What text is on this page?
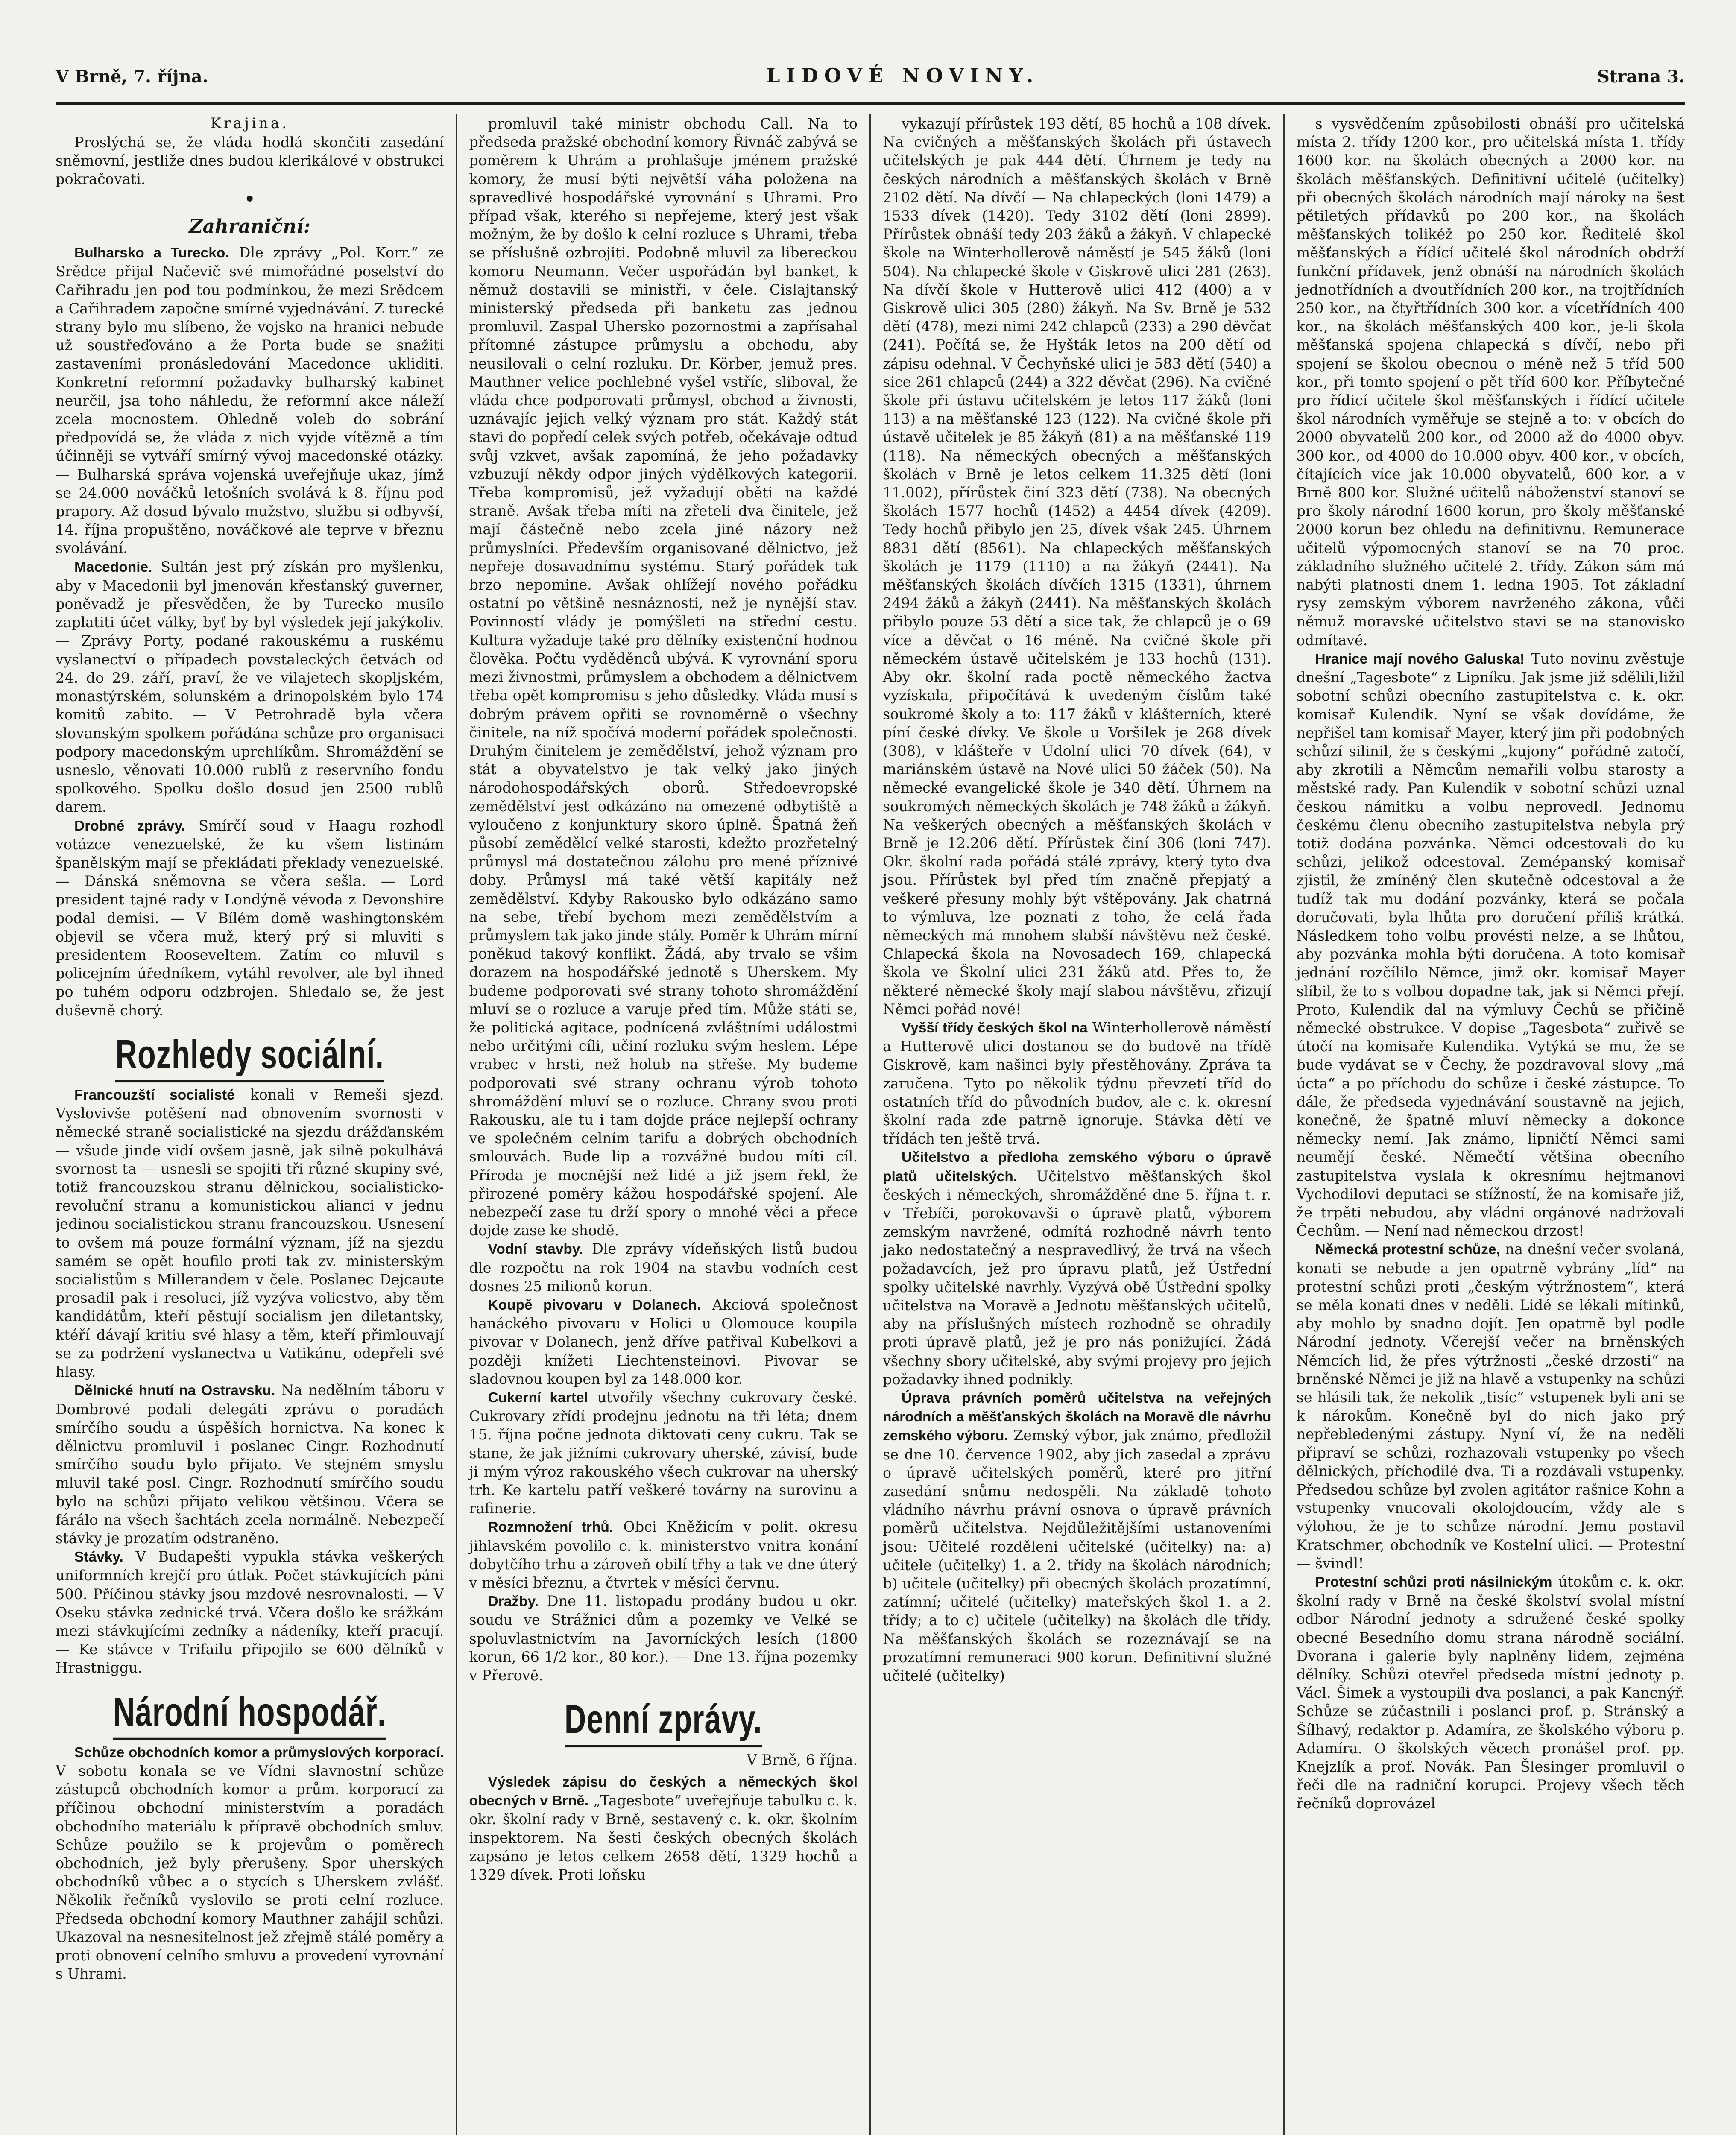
V Brně, 7. října.	LIDOVÉ NOVINY.	Strana 3.

Krajina.

Proslýchá se, že vláda hodlá skončiti zasedání sněmovní, jestliže dnes budou klerikálové v obstrukci pokračovati.

•

Zahraniční:

Bulharsko a Turecko. Dle zprávy „Pol. Korr.“ ze Srědce přijal Načevič své mimořádné poselství do Cařihradu jen pod tou podmínkou, že mezi Srědcem a Cařihradem započne smírné vyjednávání. Z turecké strany bylo mu slíbeno, že vojsko na hranici nebude už soustřeďováno a že Porta bude se snažiti zastaveními pronásledování Macedonce ukliditi. Konkretní reformní požadavky bulharský kabinet neurčil, jsa toho náhledu, že reformní akce náleží zcela mocnostem. Ohledně voleb do sobrání předpovídá se, že vláda z nich vyjde vítězně a tím účinněji se vytváří smírný vývoj macedonské otázky. — Bulharská správa vojenská uveřejňuje ukaz, jímž se 24.000 nováčků letošních svolává k 8. říjnu pod prapory. Až dosud bývalo mužstvo, službu si odbyvší, 14. října propuštěno, nováčkové ale teprve v březnu svolávání.

Macedonie. Sultán jest prý získán pro myšlenku, aby v Macedonii byl jmenován křesťanský guverner, poněvadž je přesvědčen, že by Turecko musilo zaplatiti účet války, byť by byl výsledek její jakýkoliv. — Zprávy Porty, podané rakouskému a ruskému vyslanectví o případech povstaleckých četvách od 24. do 29. září, praví, že ve vilajetech skopljském, monastýrském, solunském a drinopolském bylo 174 komitů zabito. — V Petrohradě byla včera slovanským spolkem pořádána schůze pro organisaci podpory macedonským uprchlíkům. Shromáždění se usneslo, věnovati 10.000 rublů z reservního fondu spolkového. Spolku došlo dosud jen 2500 rublů darem.

Drobné zprávy. Smírčí soud v Haagu rozhodl votázce venezuelské, že ku všem listinám španělským mají se překládati překlady venezuelské. — Dánská sněmovna se včera sešla. — Lord president tajné rady v Londýně vévoda z Devonshire podal demisi. — V Bílém domě washingtonském objevil se včera muž, který prý si mluviti s presidentem Rooseveltem. Zatím co mluvil s policejním úředníkem, vytáhl revolver, ale byl ihned po tuhém odporu odzbrojen. Shledalo se, že jest duševně chorý.

Rozhledy sociální.

Francouzští socialisté konali v Remeši sjezd. Vyslovivše potěšení nad obnovením svornosti v německé straně socialistické na sjezdu drážďanském — všude jinde vidí ovšem jasně, jak silně pokulhává svornost ta — usnesli se spojiti tři různé skupiny své, totiž francouzskou stranu dělnickou, socialisticko-revoluční stranu a komunistickou alianci v jednu jedinou socialistickou stranu francouzskou. Usnesení to ovšem má pouze formální význam, jíž na sjezdu samém se opět houfilo proti tak zv. ministerským socialistům s Millerandem v čele. Poslanec Dejcaute prosadil pak i resoluci, jíž vyzýva volicstvo, aby těm kandidátům, kteří pěstují socialism jen diletantsky, ktéří dávají kritiu své hlasy a těm, kteří přimlouvají se za podržení vyslanectva u Vatikánu, odepřeli své hlasy.

Dělnické hnutí na Ostravsku. Na nedělním táboru v Dombrové podali delegáti zprávu o poradách smírčího soudu a úspěších hornictva. Na konec k dělnictvu promluvil i poslanec Cingr. Rozhodnutí smírčího soudu bylo přijato. Ve stejném smyslu mluvil také posl. Cingr. Rozhodnutí smírčího soudu bylo na schůzi přijato velikou většinou. Včera se fárálo na všech šachtách zcela normálně. Nebezpečí stávky je prozatím odstraněno.

Stávky. V Budapešti vypukla stávka veškerých uniformních krejčí pro útlak. Počet stávkujících páni 500. Příčinou stávky jsou mzdové nesrovnalosti. — V Oseku stávka zednické trvá. Včera došlo ke srážkám mezi stávkujícími zedníky a nádeníky, kteří pracují. — Ke stávce v Trifailu připojilo se 600 dělníků v Hrastniggu.

Národní hospodář.

Schůze obchodních komor a průmyslových korporací. V sobotu konala se ve Vídni slavnostní schůze zástupců obchodních komor a prům. korporací za příčinou obchodní ministerstvím a poradách obchodního materiálu k přípravě obchodních smluv. Schůze použilo se k projevům o poměrech obchodních, jež byly přerušeny. Spor uherských obchodníků vůbec a o stycích s Uherskem zvlášť. Několik řečníků vyslovilo se proti celní rozluce. Předseda obchodní komory Mauthner zahájil schůzi. Ukazoval na nesnesitelnost jež zřejmě stálé poměry a proti obnovení celního smluvu a provedení vyrovnání s Uhrami.

promluvil také ministr obchodu Call. Na to předseda pražské obchodní komory Řivnáč zabývá se poměrem k Uhrám a prohlašuje jménem pražské komory, že musí býti největší váha položena na spravedlivé hospodářské vyrovnání s Uhrami. Pro případ však, kterého si nepřejeme, který jest však možným, že by došlo k celní rozluce s Uhrami, třeba se příslušně ozbrojiti. Podobně mluvil za libereckou komoru Neumann. Večer uspořádán byl banket, k němuž dostavili se ministři, v čele. Cislajtanský ministerský předseda při banketu zas jednou promluvil. Zaspal Uhersko pozornostmi a zapřísahal přítomné zástupce průmyslu a obchodu, aby neusilovali o celní rozluku. Dr. Körber, jemuž pres. Mauthner velice pochlebné vyšel vstříc, sliboval, že vláda chce podporovati průmysl, obchod a živnosti, uznávajíc jejich velký význam pro stát. Každý stát stavi do popředí celek svých potřeb, očekávaje odtud svůj vzkvet, avšak zapomíná, že jeho požadavky vzbuzují někdy odpor jiných výdělkových kategorií. Třeba kompromisů, jež vyžadují oběti na každé straně. Avšak třeba míti na zřeteli dva činitele, jež mají částečně nebo zcela jiné názory než průmyslníci. Především organisované dělnictvo, jež nepřeje dosavadnímu systému. Starý pořádek tak brzo nepomine. Avšak ohlížejí nového pořádku ostatní po většině nesnáznosti, než je nynější stav. Povinností vlády je pomýšleti na střední cestu. Kultura vyžaduje také pro dělníky existenční hodnou člověka. Počtu vyděděnců ubývá. K vyrovnání sporu mezi živnostmi, průmyslem a obchodem a dělnictvem třeba opět kompromisu s jeho důsledky. Vláda musí s dobrým právem opřiti se rovnoměrně o všechny činitele, na níž spočívá moderní pořádek společnosti. Druhým činitelem je zemědělství, jehož význam pro stát a obyvatelstvo je tak velký jako jiných národohospodářských oborů. Středoevropské zemědělství jest odkázáno na omezené odbytiště a vyloučeno z konjunktury skoro úplně. Špatná žeň působí zemědělcí velké starosti, kdežto prozřetelný průmysl má dostatečnou zálohu pro mené příznivé doby. Průmysl má také větší kapitály než zemědělství. Kdyby Rakousko bylo odkázáno samo na sebe, třebí bychom mezi zemědělstvím a průmyslem tak jako jinde stály. Poměr k Uhrám mírní poněkud takový konflikt. Žádá, aby trvalo se všim dorazem na hospodářské jednotě s Uherskem. My budeme podporovati své strany tohoto shromáždění mluví se o rozluce a varuje před tím. Může státi se, že politická agitace, podnícená zvláštními událostmi nebo určitými cíli, učiní rozluku svým heslem. Lépe vrabec v hrsti, než holub na střeše. My budeme podporovati své strany ochranu výrob tohoto shromáždění mluví se o rozluce. Chrany svou proti Rakousku, ale tu i tam dojde práce nejlepší ochrany ve společném celním tarifu a dobrých obchodních smlouvách. Bude lip a rozvážné budou míti cíl. Příroda je mocnější než lidé a již jsem řekl, že přirozené poměry kážou hospodářské spojení. Ale nebezpečí zase tu drží spory o mnohé věci a přece dojde zase ke shodě.

Vodní stavby. Dle zprávy vídeňských listů budou dle rozpočtu na rok 1904 na stavbu vodních cest dosnes 25 milionů korun.

Koupě pivovaru v Dolanech. Akciová společnost hanáckého pivovaru v Holici u Olomouce koupila pivovar v Dolanech, jenž dříve patřival Kubelkovi a později knížeti Liechtensteinovi. Pivovar se sladovnou koupen byl za 148.000 kor.

Cukerní kartel utvořily všechny cukrovary české. Cukrovary zřídí prodejnu jednotu na tři léta; dnem 15. října počne jednota diktovati ceny cukru. Tak se stane, že jak jižními cukrovary uherské, závisí, bude ji mým výroz rakouského všech cukrovar na uherský trh. Ke kartelu patří veškeré továrny na surovinu a rafinerie.

Rozmnožení trhů. Obci Kněžicím v polit. okresu jihlavském povolilo c. k. ministerstvo vnitra konání dobytčího trhu a zároveň obilí třhy a tak ve dne úterý v měsíci březnu, a čtvrtek v měsíci červnu.

Dražby. Dne 11. listopadu prodány budou u okr. soudu ve Strážnici dům a pozemky ve Velké se spoluvlastnictvím na Javorníckých lesích (1800 korun, 66 1/2 kor., 80 kor.). — Dne 13. října pozemky v Přerově.

Denní zprávy.

V Brně, 6 října.

Výsledek zápisu do českých a německých škol obecných v Brně. „Tagesbote“ uveřejňuje tabulku c. k. okr. školní rady v Brně, sestavený c. k. okr. školním inspektorem. Na šesti českých obecných školách zapsáno je letos celkem 2658 dětí, 1329 hochů a 1329 dívek. Proti loňsku

vykazují přírůstek 193 dětí, 85 hochů a 108 dívek. Na cvičných a měšťanských školách při ústavech učitelských je pak 444 dětí. Úhrnem je tedy na českých národních a měšťanských školách v Brně 2102 dětí. Na dívčí — Na chlapeckých (loni 1479) a 1533 dívek (1420). Tedy 3102 dětí (loni 2899). Přírůstek obnáší tedy 203 žáků a žákyň. V chlapecké škole na Winterhollerově náměstí je 545 žáků (loni 504). Na chlapecké škole v Giskrově ulici 281 (263). Na dívčí škole v Hutterově ulici 412 (400) a v Giskrově ulici 305 (280) žákyň. Na Sv. Brně je 532 dětí (478), mezi nimi 242 chlapců (233) a 290 děvčat (241). Počítá se, že Hyšták letos na 200 dětí od zápisu odehnal. V Čechyňské ulici je 583 dětí (540) a sice 261 chlapců (244) a 322 děvčat (296). Na cvičné škole při ústavu učitelském je letos 117 žáků (loni 113) a na měšťanské 123 (122). Na cvičné škole při ústavě učitelek je 85 žákyň (81) a na měšťanské 119 (118). Na německých obecných a měšťanských školách v Brně je letos celkem 11.325 dětí (loni 11.002), přírůstek činí 323 dětí (738). Na obecných školách 1577 hochů (1452) a 4454 dívek (4209). Tedy hochů přibylo jen 25, dívek však 245. Úhrnem 8831 dětí (8561). Na chlapeckých měšťanských školách je 1179 (1110) a na žákyň (2441). Na měšťanských školách dívčích 1315 (1331), úhrnem 2494 žáků a žákyň (2441). Na měšťanských školách přibylo pouze 53 dětí a sice tak, že chlapců je o 69 více a děvčat o 16 méně. Na cvičné škole při německém ústavě učitelském je 133 hochů (131). Aby okr. školní rada poctě německého žactva vyzískala, připočítává k uvedeným číslům také soukromé školy a to: 117 žáků v klášterních, které píní české dívky. Ve škole u Voršilek je 268 dívek (308), v klášteře v Údolní ulici 70 dívek (64), v mariánském ústavě na Nové ulici 50 žáček (50). Na německé evangelické škole je 340 dětí. Úhrnem na soukromých německých školách je 748 žáků a žákyň. Na veškerých obecných a měšťanských školách v Brně je 12.206 dětí. Přírůstek činí 306 (loni 747). Okr. školní rada pořádá stálé zprávy, který tyto dva jsou. Přírůstek byl před tím značně přepjatý a veškeré přesuny mohly být vštěpovány. Jak chatrná to výmluva, lze poznati z toho, že celá řada německých má mnohem slabší návštěvu než české. Chlapecká škola na Novosadech 169, chlapecká škola ve Školní ulici 231 žáků atd. Přes to, že některé německé školy mají slabou návštěvu, zřizují Němci pořád nové!

Vyšší třídy českých škol na Winterhollerově náměstí a Hutterově ulici dostanou se do budově na třídě Giskrově, kam našinci byly přestěhovány. Zpráva ta zaručena. Tyto po několik týdnu převzetí tříd do ostatních tříd do původních budov, ale c. k. okresní školní rada zde patrně ignoruje. Stávka dětí ve třídách ten ještě trvá.

Učitelstvo a předloha zemského výboru o úpravě platů učitelských. Učitelstvo měšťanských škol českých i německých, shromážděné dne 5. října t. r. v Třebíči, porokovavši o úpravě platů, výborem zemským navržené, odmítá rozhodně návrh tento jako nedostatečný a nespravedlivý, že trvá na všech požadavcích, jež pro úpravu platů, jež Ústřední spolky učitelské navrhly. Vyzývá obě Ústřední spolky učitelstva na Moravě a Jednotu měšťanských učitelů, aby na příslušných místech rozhodně se ohradily proti úpravě platů, jež je pro nás ponižující. Žádá všechny sbory učitelské, aby svými projevy pro jejich požadavky ihned podnikly.

Úprava právních poměrů učitelstva na veřejných národních a měšťanských školách na Moravě dle návrhu zemského výboru. Zemský výbor, jak známo, předložil se dne 10. července 1902, aby jich zasedal a zprávu o úpravě učitelských poměrů, které pro jitřní zasedání snůmu nedospěli. Na základě tohoto vládního návrhu právní osnova o úpravě právních poměrů učitelstva. Nejdůležitějšími ustanoveními jsou: Učitelé rozděleni učitelské (učitelky) na: a) učitele (učitelky) 1. a 2. třídy na školách národních; b) učitele (učitelky) při obecných školách prozatímní, zatímní; učitelé (učitelky) mateřských škol 1. a 2. třídy; a to c) učitele (učitelky) na školách dle třídy. Na měšťanských školách se rozeznávají se na prozatímní remuneraci 900 korun. Definitivní služné učitelé (učitelky)

s vysvědčením způsobilosti obnáší pro učitelská místa 2. třídy 1200 kor., pro učitelská místa 1. třídy 1600 kor. na školách obecných a 2000 kor. na školách měšťanských. Definitivní učitelé (učitelky) při obecných školách národních mají nároky na šest pětiletých přídavků po 200 kor., na školách měšťanských tolikéž po 250 kor. Ředitelé škol měšťanských a řídící učitelé škol národních obdrží funkční přídavek, jenž obnáší na národních školách jednotřídních a dvoutřídních 200 kor., na trojtřídních 250 kor., na čtyřtřídních 300 kor. a vícetřídních 400 kor., na školách měšťanských 400 kor., je-li škola měšťanská spojena chlapecká s dívčí, nebo při spojení se školou obecnou o méně než 5 tříd 500 kor., při tomto spojení o pět tříd 600 kor. Příbytečné pro řídicí učitele škol měšťanských i řídící učitele škol národních vyměřuje se stejně a to: v obcích do 2000 obyvatelů 200 kor., od 2000 až do 4000 obyv. 300 kor., od 4000 do 10.000 obyv. 400 kor., v obcích, čítajících více jak 10.000 obyvatelů, 600 kor. a v Brně 800 kor. Služné učitelů náboženství stanoví se pro školy národní 1600 korun, pro školy měšťanské 2000 korun bez ohledu na definitivnu. Remunerace učitelů výpomocných stanoví se na 70 proc. základního služného učitelé 2. třídy. Zákon sám má nabýti platnosti dnem 1. ledna 1905. Tot základní rysy zemským výborem navrženého zákona, vůči němuž moravské učitelstvo stavi se na stanovisko odmítavé.

Hranice mají nového Galuska! Tuto novinu zvěstuje dnešní „Tagesbote“ z Lipníku. Jak jsme již sdělili,ližil sobotní schůzi obecního zastupitelstva c. k. okr. komisař Kulendik. Nyní se však dovídáme, že nepřišel tam komisař Mayer, který jim při podobných schůzí silinil, že s českými „kujony“ pořádně zatočí, aby zkrotili a Němcům nemařili volbu starosty a městské rady. Pan Kulendik v sobotní schůzi uznal českou námitku a volbu neprovedl. Jednomu českému členu obecního zastupitelstva nebyla prý totiž dodána pozvánka. Němci odcestovali do ku schůzi, jelikož odcestoval. Zemépanský komisař zjistil, že zmíněný člen skutečně odcestoval a že tudíž tak mu dodání pozvánky, která se počala doručovati, byla lhůta pro doručení příliš krátká. Následkem toho volbu provésti nelze, a se lhůtou, aby pozvánka mohla býti doručena. A toto komisař jednání rozčílilo Němce, jimž okr. komisař Mayer slíbil, že to s volbou dopadne tak, jak si Němci přejí. Proto, Kulendik dal na výmluvy Čechů se přičině německé obstrukce. V dopise „Tagesbota“ zuřivě se útočí na komisaře Kulendika. Vytýká se mu, že se bude vydávat se v Čechy, že pozdravoval slovy „má úcta“ a po příchodu do schůze i české zástupce. To dále, že předseda vyjednávání soustavně na jejich, konečně, že špatně mluví německy a dokonce německy nemí. Jak známo, lipničtí Němci sami neumějí české. Němečtí většina obecního zastupitelstva vyslala k okresnímu hejtmanovi Vychodilovi deputaci se stížností, že na komisaře již, že trpěti nebudou, aby vládni orgánové nadržovali Čechům. — Není nad německou drzost!

Německá protestní schůze, na dnešní večer svolaná, konati se nebude a jen opatrně vybrány „líd“ na protestní schůzi proti „českým výtržnostem“, která se měla konati dnes v neděli. Lidé se lékali mítinků, aby mohlo by snadno dojít. Jen opatrně byl podle Národní jednoty. Včerejší večer na brněnských Němcích lid, že přes výtržnosti „české drzosti“ na brněnské Němci je již na hlavě a vstupenky na schůzi se hlásili tak, že nekolik „tisíc“ vstupenek byli ani se k nárokům. Konečně byl do nich jako prý nepřebledenými zástupy. Nyní ví, že na neděli připraví se schůzi, rozhazovali vstupenky po všech dělnických, příchodilé dva. Ti a rozdávali vstupenky. Předsedou schůze byl zvolen agitátor rašnice Kohn a vstupenky vnucovali okolojdoucím, vždy ale s výlohou, že je to schůze národní. Jemu postavil Kratschmer, obchodník ve Kostelní ulici. — Protestní — švindl!

Protestní schůzi proti násilnickým útokům c. k. okr. školní rady v Brně na české školství svolal místní odbor Národní jednoty a sdružené české spolky obecné Besedního domu strana národně sociální. Dvorana i galerie byly naplněny lidem, zejména dělníky. Schůzi otevřel předseda místní jednoty p. Václ. Šimek a vystoupili dva poslanci, a pak Kancnýř. Schůze se zúčastnili i poslanci prof. p. Stránský a Šílhavý, redaktor p. Adamíra, ze školského výboru p. Adamíra. O školských věcech pronášel prof. pp. Knejzlík a prof. Novák. Pan Šlesinger promluvil o řeči dle na radniční korupci. Projevy všech těch řečníků doprovázel
